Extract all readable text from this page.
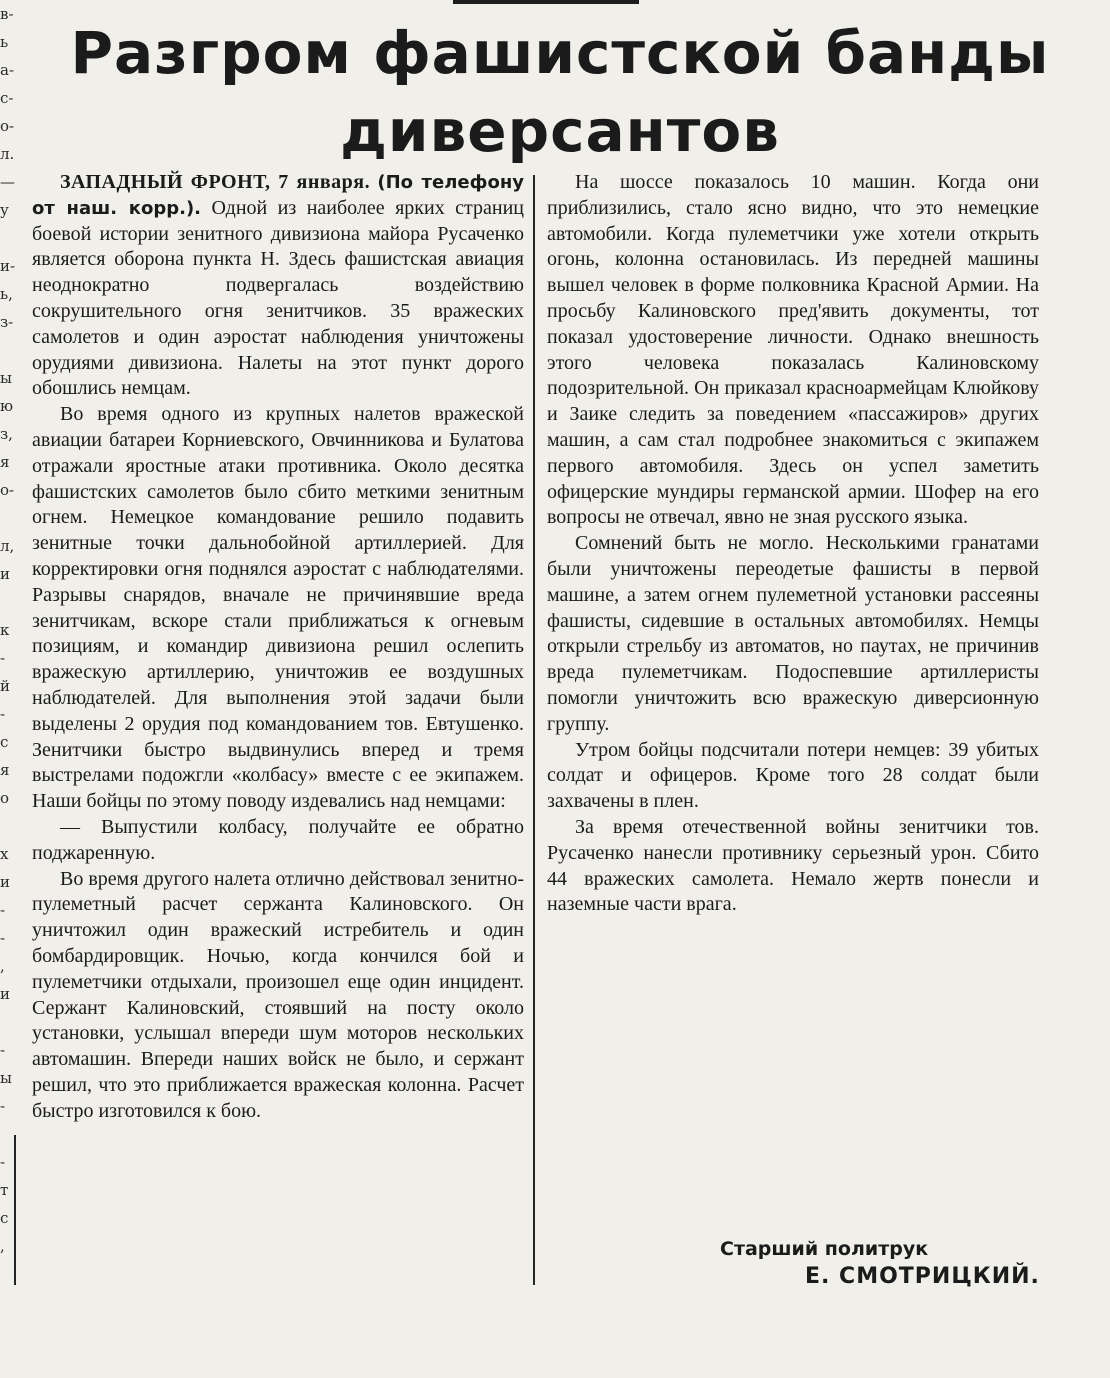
в-
ь
а-
с-
о-
л.
—
у
и-
ь,
з-
ы
ю
з,
я
о-
л,
и
к
-
й
-
с
я
о
х
и
-
-
,
и
-
ы
-
-
т
с
,
Разгром фашистской банды
диверсантов

ЗАПАДНЫЙ ФРОНТ, 7 января. (По телефону от наш. корр.). Одной из наиболее ярких страниц боевой истории зенитного дивизиона майора Русаченко является оборона пункта Н. Здесь фашистская авиация неоднократно подвергалась воздействию сокрушительного огня зенитчиков. 35 вражеских самолетов и один аэростат наблюдения уничтожены орудиями дивизиона. Налеты на этот пункт дорого обошлись немцам.

Во время одного из крупных налетов вражеской авиации батареи Корниевского, Овчинникова и Булатова отражали яростные атаки противника. Около десятка фашистских самолетов было сбито меткими зенитным огнем. Немецкое командование решило подавить зенитные точки дальнобойной артиллерией. Для корректировки огня поднялся аэростат с наблюдателями. Разрывы снарядов, вначале не причинявшие вреда зенитчикам, вскоре стали приближаться к огневым позициям, и командир дивизиона решил ослепить вражескую артиллерию, уничтожив ее воздушных наблюдателей. Для выполнения этой задачи были выделены 2 орудия под командованием тов. Евтушенко. Зенитчики быстро выдвинулись вперед и тремя выстрелами подожгли «колбасу» вместе с ее экипажем. Наши бойцы по этому поводу издевались над немцами:

— Выпустили колбасу, получайте ее обратно поджаренную.

Во время другого налета отлично действовал зенитно-пулеметный расчет сержанта Калиновского. Он уничтожил один вражеский истребитель и один бомбардировщик. Ночью, когда кончился бой и пулеметчики отдыхали, произошел еще один инцидент. Сержант Калиновский, стоявший на посту около установки, услышал впереди шум моторов нескольких автомашин. Впереди наших войск не было, и сержант решил, что это приближается вражеская колонна. Расчет быстро изготовился к бою.

На шоссе показалось 10 машин. Когда они приблизились, стало ясно видно, что это немецкие автомобили. Когда пулеметчики уже хотели открыть огонь, колонна остановилась. Из передней машины вышел человек в форме полковника Красной Армии. На просьбу Калиновского пред'явить документы, тот показал удостоверение личности. Однако внешность этого человека показалась Калиновскому подозрительной. Он приказал красноармейцам Клюйкову и Заике следить за поведением «пассажиров» других машин, а сам стал подробнее знакомиться с экипажем первого автомобиля. Здесь он успел заметить офицерские мундиры германской армии. Шофер на его вопросы не отвечал, явно не зная русского языка.

Сомнений быть не могло. Несколькими гранатами были уничтожены переодетые фашисты в первой машине, а затем огнем пулеметной установки рассеяны фашисты, сидевшие в остальных автомобилях. Немцы открыли стрельбу из автоматов, но паутах, не причинив вреда пулеметчикам. Подоспевшие артиллеристы помогли уничтожить всю вражескую диверсионную группу.

Утром бойцы подсчитали потери немцев: 39 убитых солдат и офицеров. Кроме того 28 солдат были захвачены в плен.

За время отечественной войны зенитчики тов. Русаченко нанесли противнику серьезный урон. Сбито 44 вражеских самолета. Немало жертв понесли и наземные части врага.

Старший политрук
Е. СМОТРИЦКИЙ.
